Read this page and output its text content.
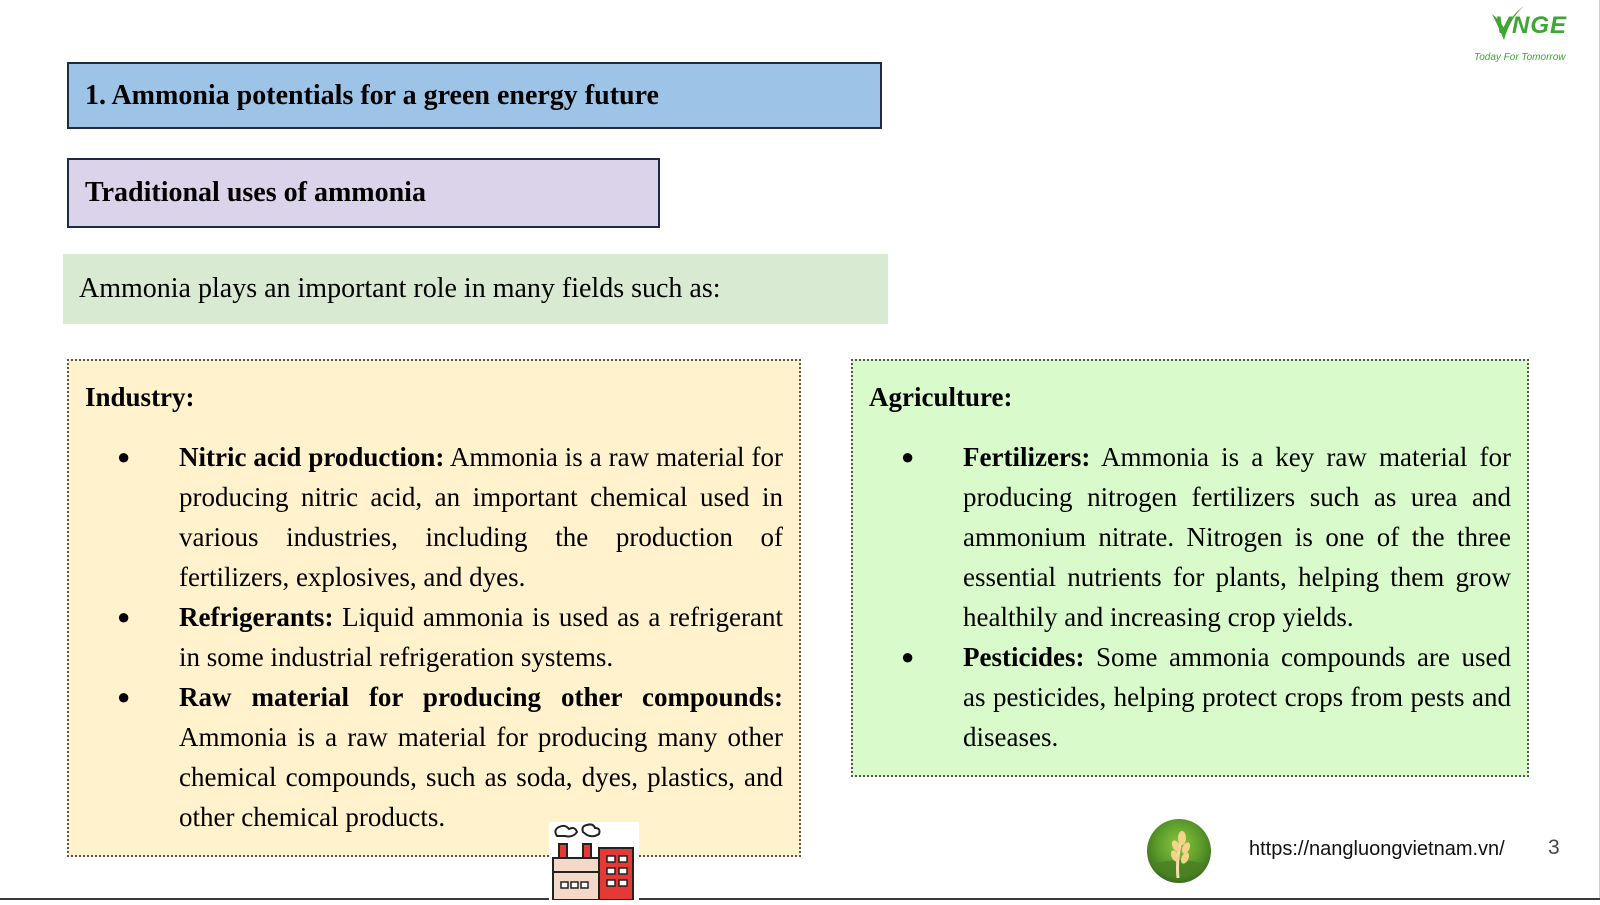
VNGE
Today For Tomorrow
1. Ammonia potentials for a green energy future
Traditional uses of ammonia
Ammonia plays an important role in many fields such as:
Industry:
● Nitric acid production: Ammonia is a raw material for producing nitric acid, an important chemical used in various industries, including the production of fertilizers, explosives, and dyes.
● Refrigerants: Liquid ammonia is used as a refrigerant in some industrial refrigeration systems.
● Raw material for producing other compounds: Ammonia is a raw material for producing many other chemical compounds, such as soda, dyes, plastics, and other chemical products.
Agriculture:
● Fertilizers: Ammonia is a key raw material for producing nitrogen fertilizers such as urea and ammonium nitrate. Nitrogen is one of the three essential nutrients for plants, helping them grow healthily and increasing crop yields.
● Pesticides: Some ammonia compounds are used as pesticides, helping protect crops from pests and diseases.
https://nangluongvietnam.vn/ 3
